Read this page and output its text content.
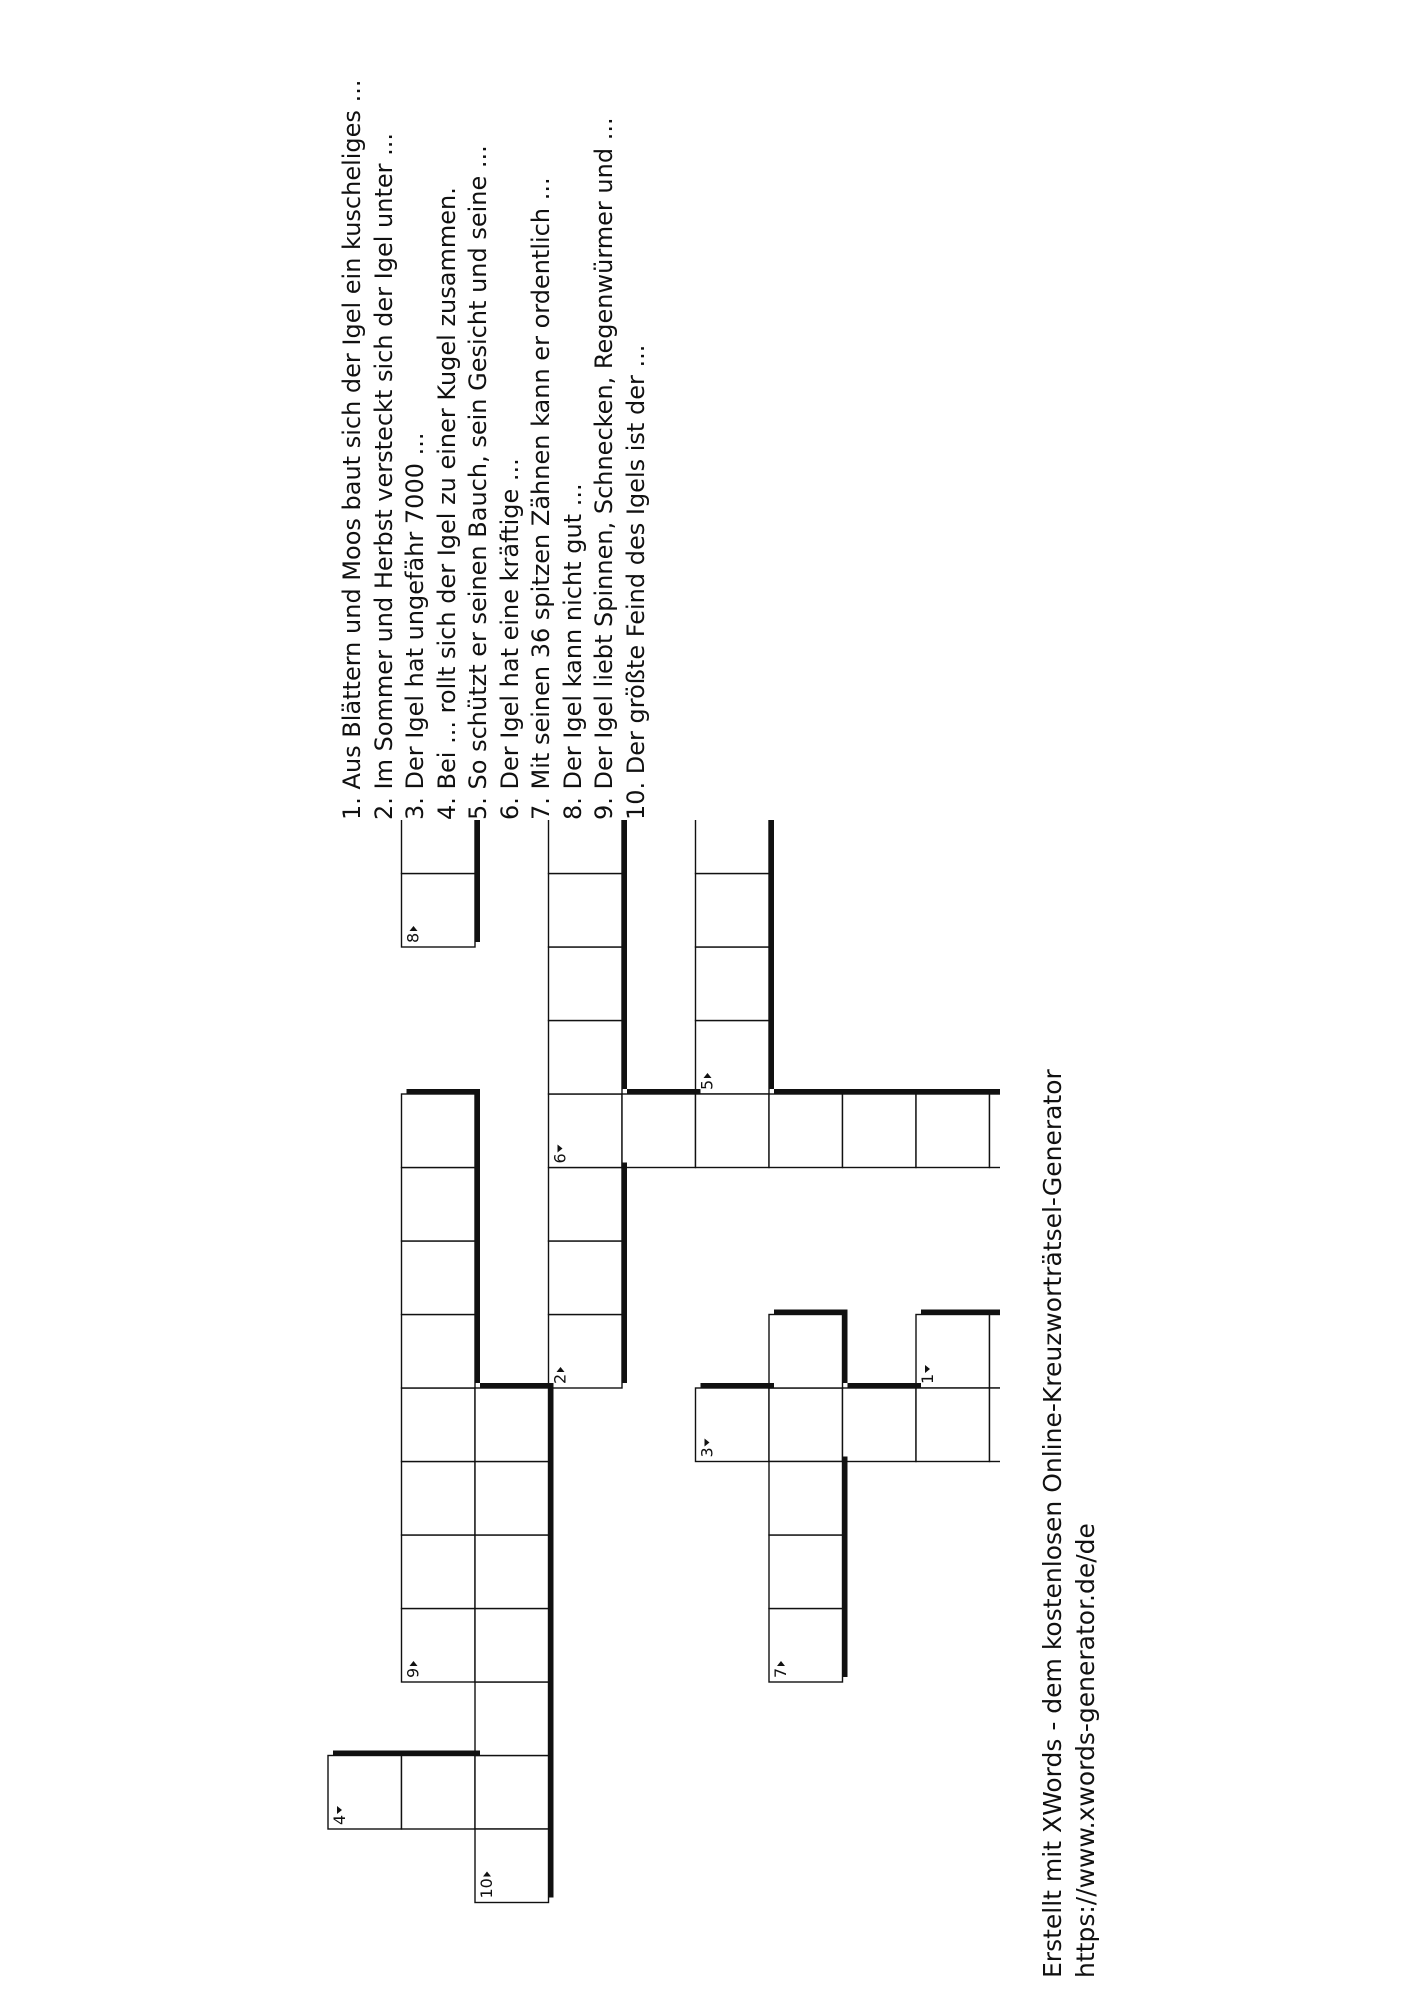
1
2
3
4
5
6
7
8
9
10
1. Aus Blättern und Moos baut sich der Igel ein kuscheliges ...
2. Im Sommer und Herbst versteckt sich der Igel unter ...
3. Der Igel hat ungefähr 7000 ...
4. Bei ... rollt sich der Igel zu einer Kugel zusammen.
5. So schützt er seinen Bauch, sein Gesicht und seine ...
6. Der Igel hat eine kräftige ...
7. Mit seinen 36 spitzen Zähnen kann er ordentlich ...
8. Der Igel kann nicht gut ...
9. Der Igel liebt Spinnen, Schnecken, Regenwürmer und ...
10. Der größte Feind des Igels ist der ...
Erstellt mit XWords - dem kostenlosen Online-Kreuzworträtsel-Generator https://www.xwords-generator.de/de
